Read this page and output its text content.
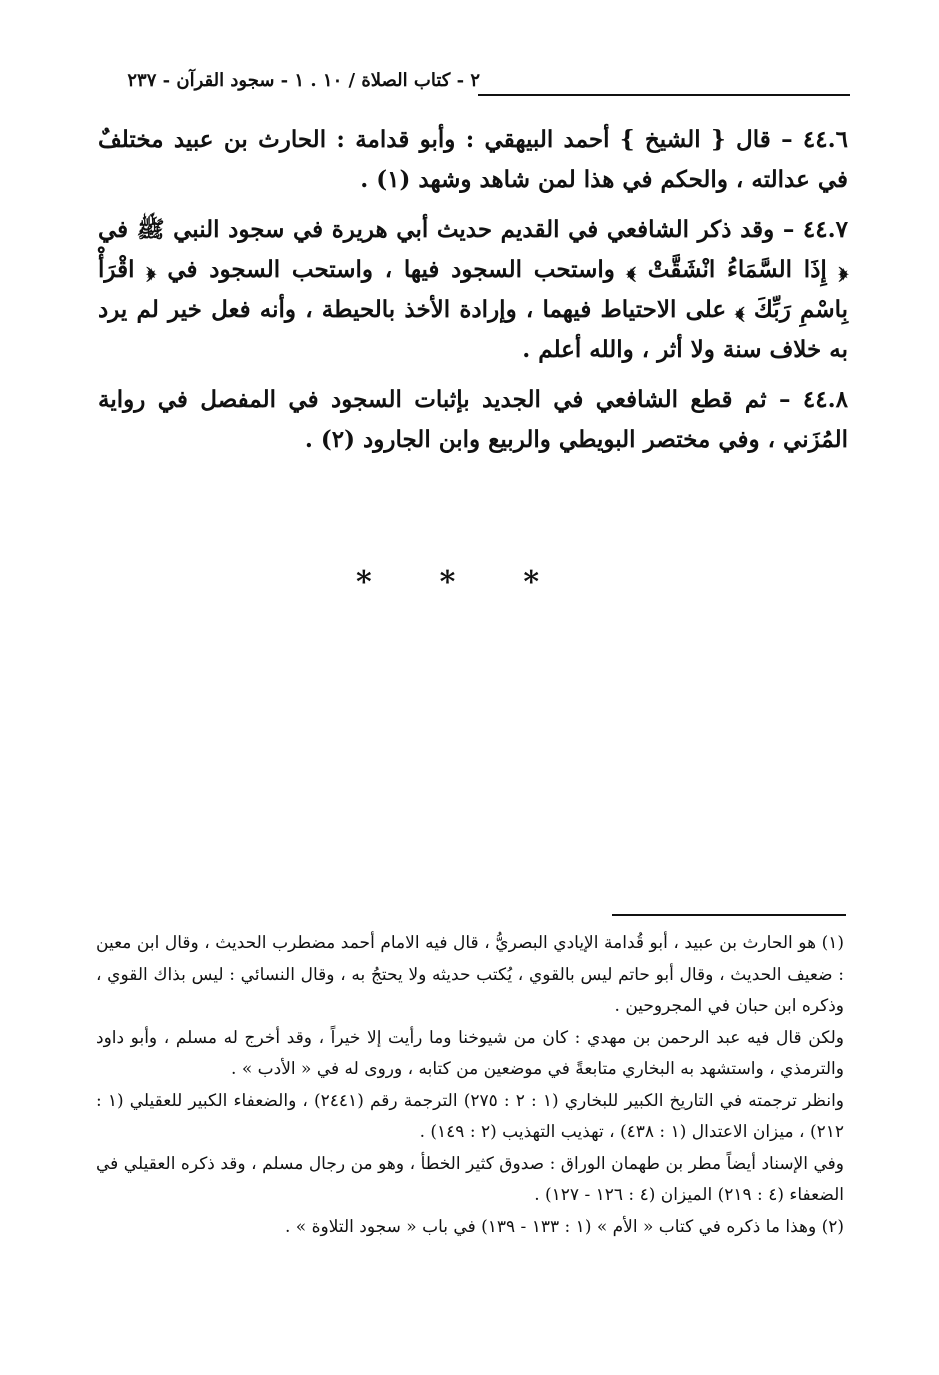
٢ - كتاب الصلاة / ١٠ . ١ - سجود القرآن - ٢٣٧

٤٤.٦ – قال { الشيخ } أحمد البيهقي : وأبو قدامة : الحارث بن عبيد مختلفٌ في عدالته ، والحكم في هذا لمن شاهد وشهد (١) .

٤٤.٧ – وقد ذكر الشافعي في القديم حديث أبي هريرة في سجود النبي ﷺ في ﴿ إِذَا السَّمَاءُ انْشَقَّتْ ﴾ واستحب السجود فيها ، واستحب السجود في ﴿ اقْرَأْ بِاسْمِ رَبِّكَ ﴾ على الاحتياط فيهما ، وإرادة الأخذ بالحيطة ، وأنه فعل خير لم يرد به خلاف سنة ولا أثر ، والله أعلم .

٤٤.٨ – ثم قطع الشافعي في الجديد بإثبات السجود في المفصل في رواية المُزَني ، وفي مختصر البويطي والربيع وابن الجارود (٢) .

* * *

(١) هو الحارث بن عبيد ، أبو قُدامة الإيادي البصريُّ ، قال فيه الامام أحمد مضطرب الحديث ، وقال ابن معين : ضعيف الحديث ، وقال أبو حاتم ليس بالقوي ، يُكتب حديثه ولا يحتجُ به ، وقال النسائي : ليس بذاك القوي ، وذكره ابن حبان في المجروحين .

ولكن قال فيه عبد الرحمن بن مهدي : كان من شيوخنا وما رأيت إلا خيراً ، وقد أخرج له مسلم ، وأبو داود والترمذي ، واستشهد به البخاري متابعةً في موضعين من كتابه ، وروى له في « الأدب » .

وانظر ترجمته في التاريخ الكبير للبخاري (١ : ٢ : ٢٧٥) الترجمة رقم (٢٤٤١) ، والضعفاء الكبير للعقيلي (١ : ٢١٢) ، ميزان الاعتدال (١ : ٤٣٨) ، تهذيب التهذيب (٢ : ١٤٩) .

وفي الإسناد أيضاً مطر بن طهمان الوراق : صدوق كثير الخطأ ، وهو من رجال مسلم ، وقد ذكره العقيلي في الضعفاء (٤ : ٢١٩) الميزان (٤ : ١٢٦ - ١٢٧) .

(٢) وهذا ما ذكره في كتاب « الأم » (١ : ١٣٣ - ١٣٩) في باب « سجود التلاوة » .
